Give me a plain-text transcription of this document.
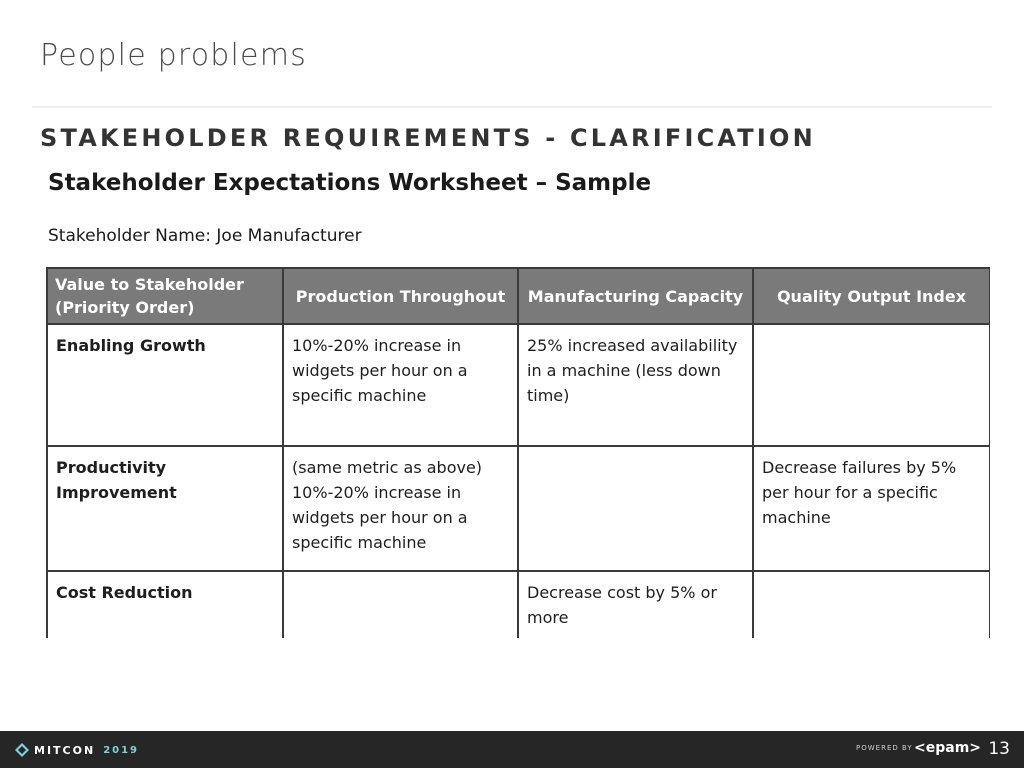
People problems
STAKEHOLDER REQUIREMENTS - CLARIFICATION
Stakeholder Expectations Worksheet – Sample
Stakeholder Name: Joe Manufacturer
Value to Stakeholder (Priority Order)	Production Throughout	Manufacturing Capacity	Quality Output Index
Enabling Growth	10%-20% increase in widgets per hour on a specific machine	25% increased availability in a machine (less down time)	
Productivity Improvement	(same metric as above) 10%-20% increase in widgets per hour on a specific machine		Decrease failures by 5% per hour for a specific machine
Cost Reduction		Decrease cost by 5% or more	
MITCON 2019	POWERED BY <epam> 13
